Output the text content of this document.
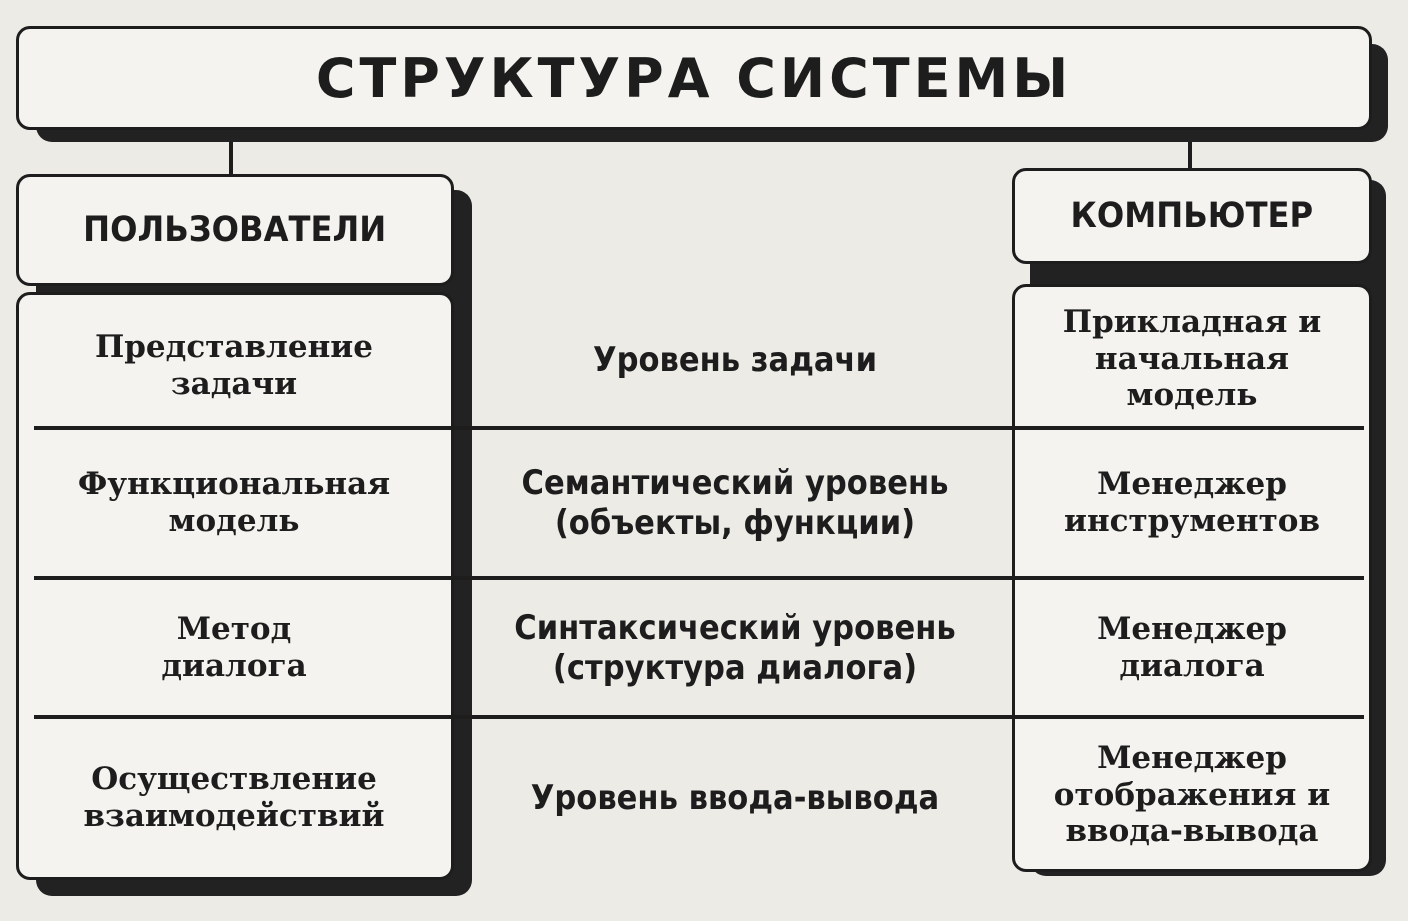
СТРУКТУРА СИСТЕМЫ
ПОЛЬЗОВАТЕЛИ	КОМПЬЮТЕР
Представление
задачи
Уровень задачи
Прикладная и
начальная
модель
Функциональная
модель
Семантический уровень
(объекты, функции)
Менеджер
инструментов
Метод
диалога
Синтаксический уровень
(структура диалога)
Менеджер
диалога
Осуществление
взаимодействий	Уровень ввода-вывода
Менеджер
отображения и
ввода-вывода
